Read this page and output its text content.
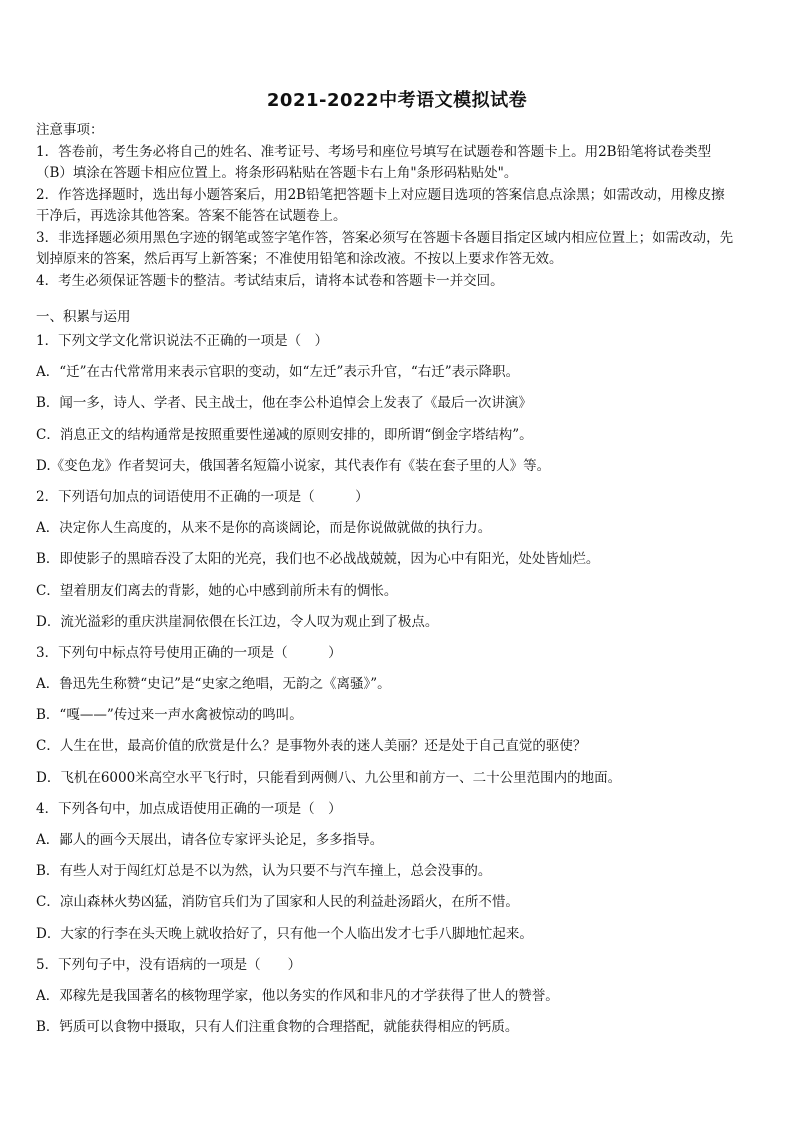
2021-2022中考语文模拟试卷
注意事项：
1．答卷前，考生务必将自己的姓名、准考证号、考场号和座位号填写在试题卷和答题卡上。用2B铅笔将试卷类型
（B）填涂在答题卡相应位置上。将条形码粘贴在答题卡右上角"条形码粘贴处"。
2．作答选择题时，选出每小题答案后，用2B铅笔把答题卡上对应题目选项的答案信息点涂黑；如需改动，用橡皮擦
干净后，再选涂其他答案。答案不能答在试题卷上。
3．非选择题必须用黑色字迹的钢笔或签字笔作答，答案必须写在答题卡各题目指定区域内相应位置上；如需改动，先
划掉原来的答案，然后再写上新答案；不准使用铅笔和涂改液。不按以上要求作答无效。
4．考生必须保证答题卡的整洁。考试结束后，请将本试卷和答题卡一并交回。
一、积累与运用
1．下列文学文化常识说法不正确的一项是（　）
A．“迁”在古代常常用来表示官职的变动，如“左迁”表示升官，“右迁”表示降职。
B．闻一多，诗人、学者、民主战士，他在李公朴追悼会上发表了《最后一次讲演》
C．消息正文的结构通常是按照重要性递减的原则安排的，即所谓“倒金字塔结构”。
D.《变色龙》作者契诃夫，俄国著名短篇小说家，其代表作有《装在套子里的人》等。
2．下列语句加点的词语使用不正确的一项是（　　　）
A．决定你人生高度的，从来不是你的高谈阔论，而是你说做就做的执行力。
B．即使影子的黑暗吞没了太阳的光亮，我们也不必战战兢兢，因为心中有阳光，处处皆灿烂。
C．望着朋友们离去的背影，她的心中感到前所未有的惆怅。
D．流光溢彩的重庆洪崖洞依偎在长江边，令人叹为观止到了极点。
3．下列句中标点符号使用正确的一项是（　　　）
A．鲁迅先生称赞“史记”是“史家之绝唱，无韵之《离骚》”。
B．“嘎——”传过来一声水禽被惊动的鸣叫。
C．人生在世，最高价值的欣赏是什么？是事物外表的迷人美丽？还是处于自己直觉的驱使？
D．飞机在6000米高空水平飞行时，只能看到两侧八、九公里和前方一、二十公里范围内的地面。
4．下列各句中，加点成语使用正确的一项是（　）
A．鄙人的画今天展出，请各位专家评头论足，多多指导。
B．有些人对于闯红灯总是不以为然，认为只要不与汽车撞上，总会没事的。
C．凉山森林火势凶猛，消防官兵们为了国家和人民的利益赴汤蹈火，在所不惜。
D．大家的行李在头天晚上就收拾好了，只有他一个人临出发才七手八脚地忙起来。
5．下列句子中，没有语病的一项是（　　）
A．邓稼先是我国著名的核物理学家，他以务实的作风和非凡的才学获得了世人的赞誉。
B．钙质可以食物中摄取，只有人们注重食物的合理搭配，就能获得相应的钙质。
